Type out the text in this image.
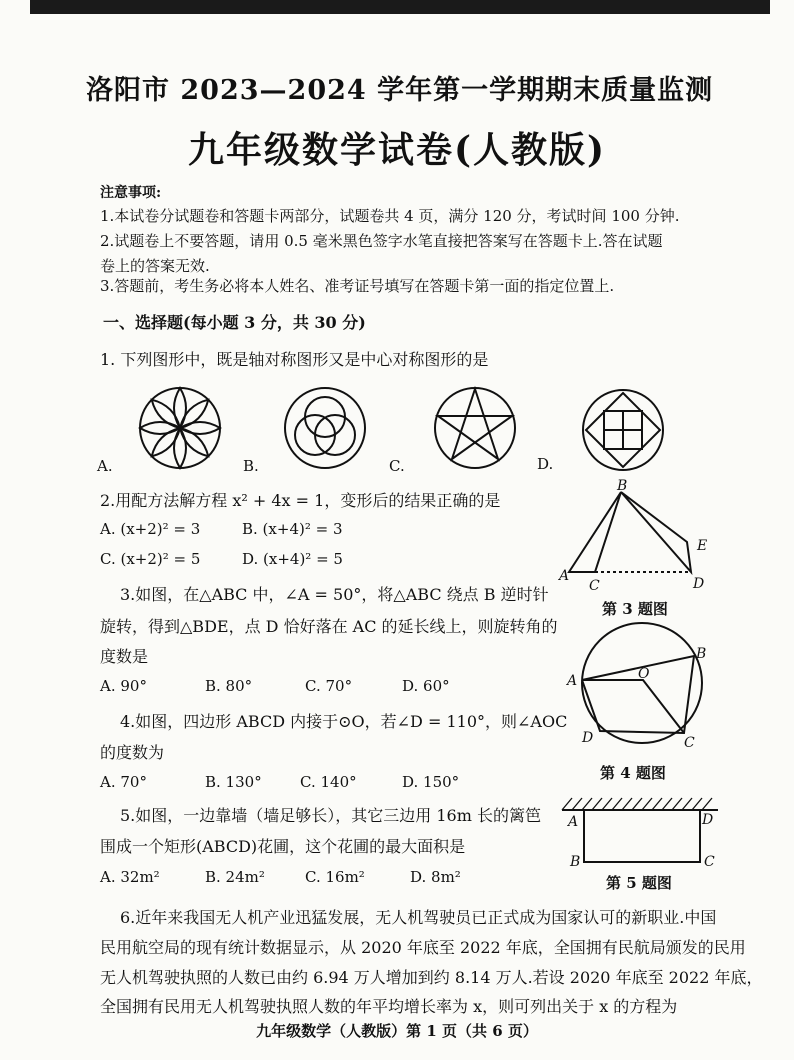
洛阳市 2023—2024 学年第一学期期末质量监测
九年级数学试卷(人教版)
注意事项:
1.本试卷分试题卷和答题卡两部分，试题卷共 4 页，满分 120 分，考试时间 100 分钟.
2.试题卷上不要答题，请用 0.5 毫米黑色签字水笔直接把答案写在答题卡上.答在试题
卷上的答案无效.
3.答题前，考生务必将本人姓名、准考证号填写在答题卡第一面的指定位置上.
一、选择题(每小题 3 分，共 30 分)
1. 下列图形中，既是轴对称图形又是中心对称图形的是
A.	B.	C.	D.
2.用配方法解方程 x² + 4x = 1，变形后的结果正确的是
A. (x+2)² = 3	B. (x+4)² = 3
C. (x+2)² = 5	D. (x+4)² = 5
3.如图，在△ABC 中，∠A = 50°，将△ABC 绕点 B 逆时针
旋转，得到△BDE，点 D 恰好落在 AC 的延长线上，则旋转角的
度数是
A. 90°	B. 80°	C. 70°	D. 60°
B
A
C	D
E
第 3 题图
4.如图，四边形 ABCD 内接于⊙O，若∠D = 110°，则∠AOC
的度数为
A. 70°	B. 130°	C. 140°	D. 150°
A
B
C
D
O
第 4 题图
5.如图，一边靠墙（墙足够长），其它三边用 16m 长的篱笆
围成一个矩形(ABCD)花圃，这个花圃的最大面积是
A. 32m²	B. 24m²	C. 16m²	D. 8m²
A
B	C
D
第 5 题图
6.近年来我国无人机产业迅猛发展，无人机驾驶员已正式成为国家认可的新职业.中国
民用航空局的现有统计数据显示，从 2020 年底至 2022 年底，全国拥有民航局颁发的民用
无人机驾驶执照的人数已由约 6.94 万人增加到约 8.14 万人.若设 2020 年底至 2022 年底，
全国拥有民用无人机驾驶执照人数的年平均增长率为 x，则可列出关于 x 的方程为
九年级数学（人教版）第 1 页（共 6 页）
